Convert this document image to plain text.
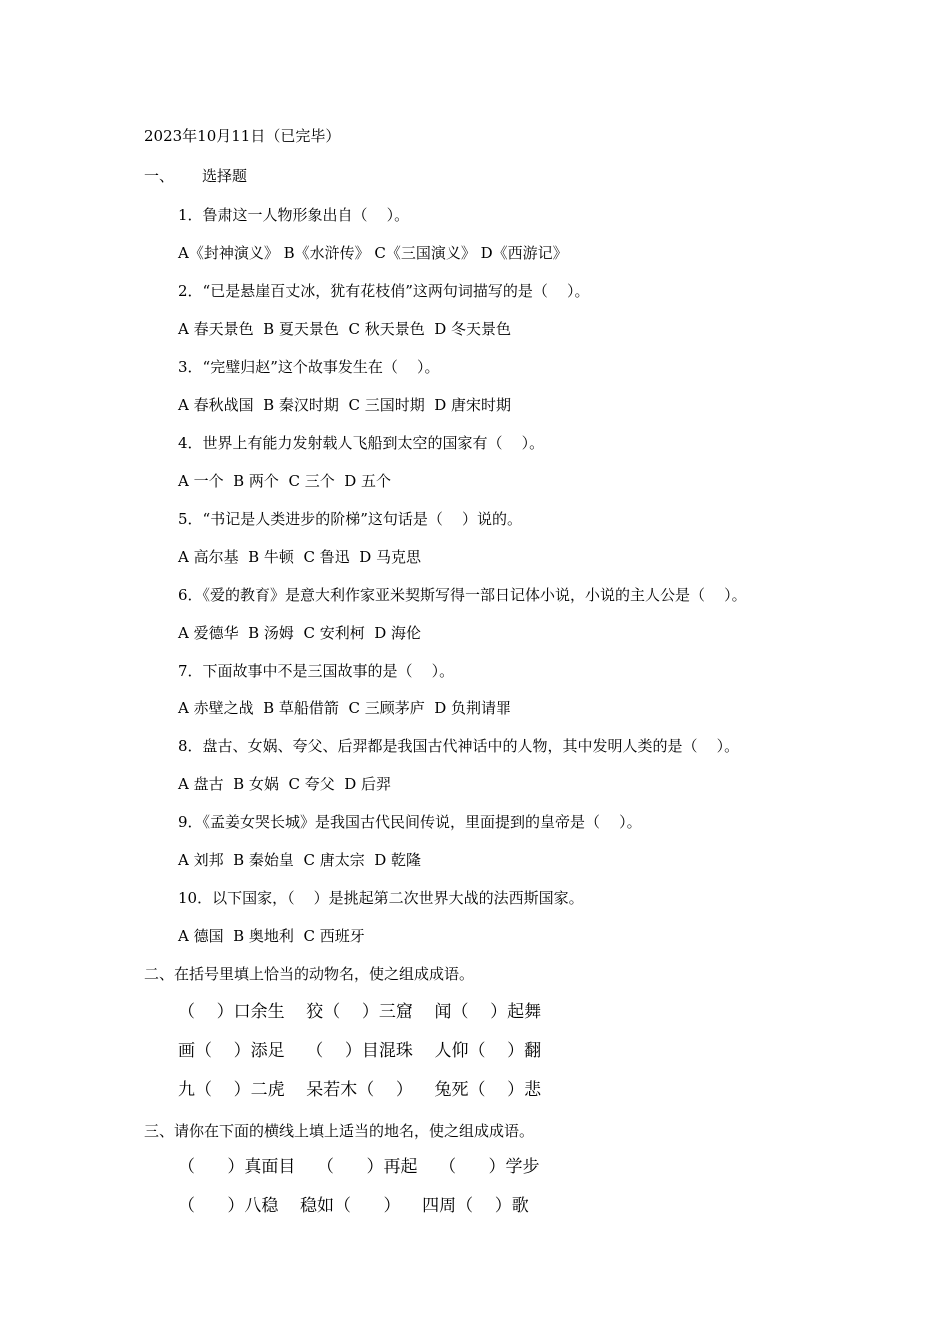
2023年10月11日（已完毕）
一、 选择题
1．鲁肃这一人物形象出自（    ）。
A《封神演义》 B《水浒传》 C《三国演义》 D《西游记》
2．“已是悬崖百丈冰，犹有花枝俏”这两句词描写的是（    ）。
A 春天景色  B 夏天景色  C 秋天景色  D 冬天景色
3．“完璧归赵”这个故事发生在（    ）。
A 春秋战国  B 秦汉时期  C 三国时期  D 唐宋时期
4．世界上有能力发射载人飞船到太空的国家有（    ）。
A 一个  B 两个  C 三个  D 五个
5．“书记是人类进步的阶梯”这句话是（    ）说的。
A 高尔基  B 牛顿  C 鲁迅  D 马克思
6．《爱的教育》是意大利作家亚米契斯写得一部日记体小说，小说的主人公是（    ）。
A 爱德华  B 汤姆  C 安利柯  D 海伦
7．下面故事中不是三国故事的是（    ）。
A 赤壁之战  B 草船借箭  C 三顾茅庐  D 负荆请罪
8．盘古、女娲、夸父、后羿都是我国古代神话中的人物，其中发明人类的是（    ）。
A 盘古  B 女娲  C 夸父  D 后羿
9．《孟姜女哭长城》是我国古代民间传说，里面提到的皇帝是（    ）。
A 刘邦  B 秦始皇  C 唐太宗  D 乾隆
10．以下国家，（    ）是挑起第二次世界大战的法西斯国家。
A 德国  B 奥地利  C 西班牙
二、在括号里填上恰当的动物名，使之组成成语。
（    ）口余生    狡（    ）三窟    闻（    ）起舞
画（    ）添足    （    ）目混珠    人仰（    ）翻
九（    ）二虎    呆若木（    ）    兔死（    ）悲
三、请你在下面的横线上填上适当的地名，使之组成成语。
（      ）真面目    （      ）再起    （      ）学步
（      ）八稳    稳如（      ）    四周（    ）歌
